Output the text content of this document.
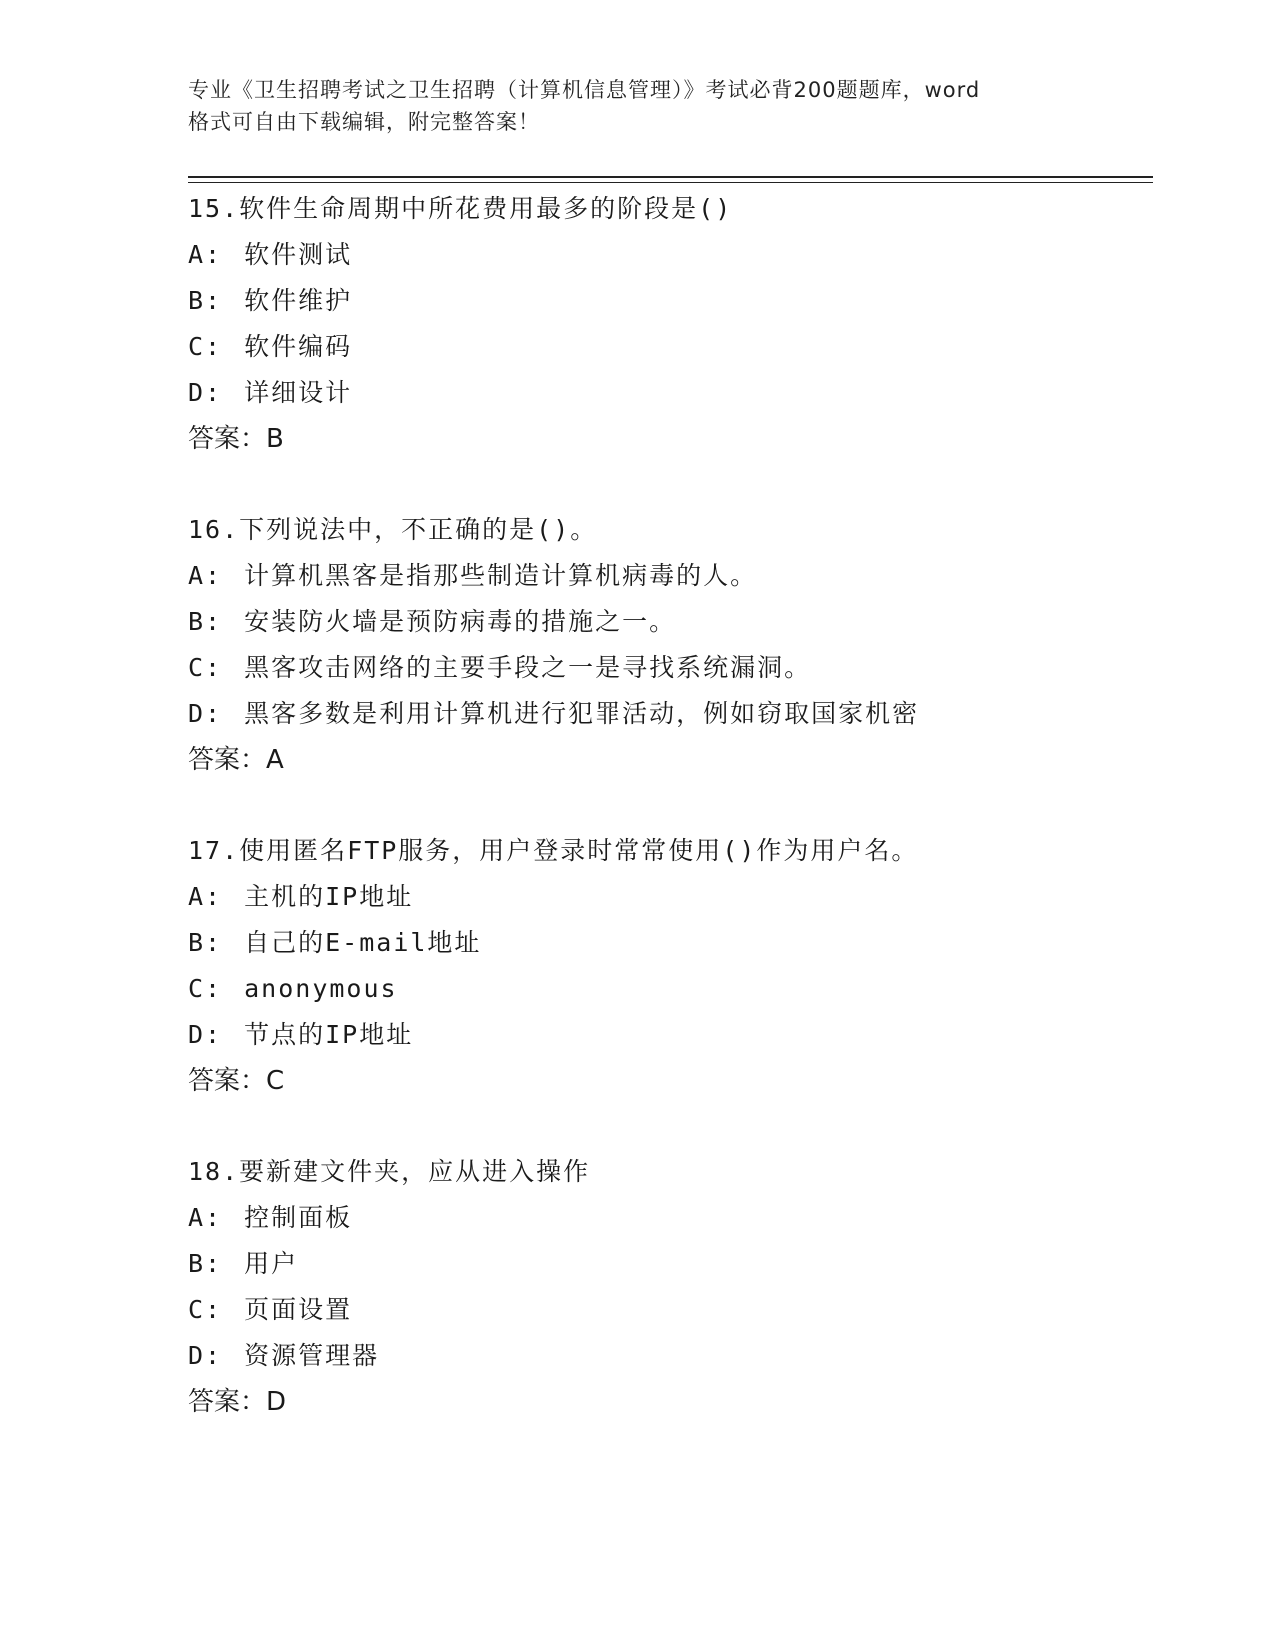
专业《卫生招聘考试之卫生招聘（计算机信息管理）》考试必背200题题库，word
格式可自由下载编辑，附完整答案！
15.软件生命周期中所花费用最多的阶段是()
A: 软件测试
B: 软件维护
C: 软件编码
D: 详细设计
答案：B
16.下列说法中，不正确的是()。
A: 计算机黑客是指那些制造计算机病毒的人。
B: 安装防火墙是预防病毒的措施之一。
C: 黑客攻击网络的主要手段之一是寻找系统漏洞。
D: 黑客多数是利用计算机进行犯罪活动，例如窃取国家机密
答案：A
17.使用匿名FTP服务，用户登录时常常使用()作为用户名。
A: 主机的IP地址
B: 自己的E-mail地址
C: anonymous
D: 节点的IP地址
答案：C
18.要新建文件夹，应从进入操作
A: 控制面板
B: 用户
C: 页面设置
D: 资源管理器
答案：D
